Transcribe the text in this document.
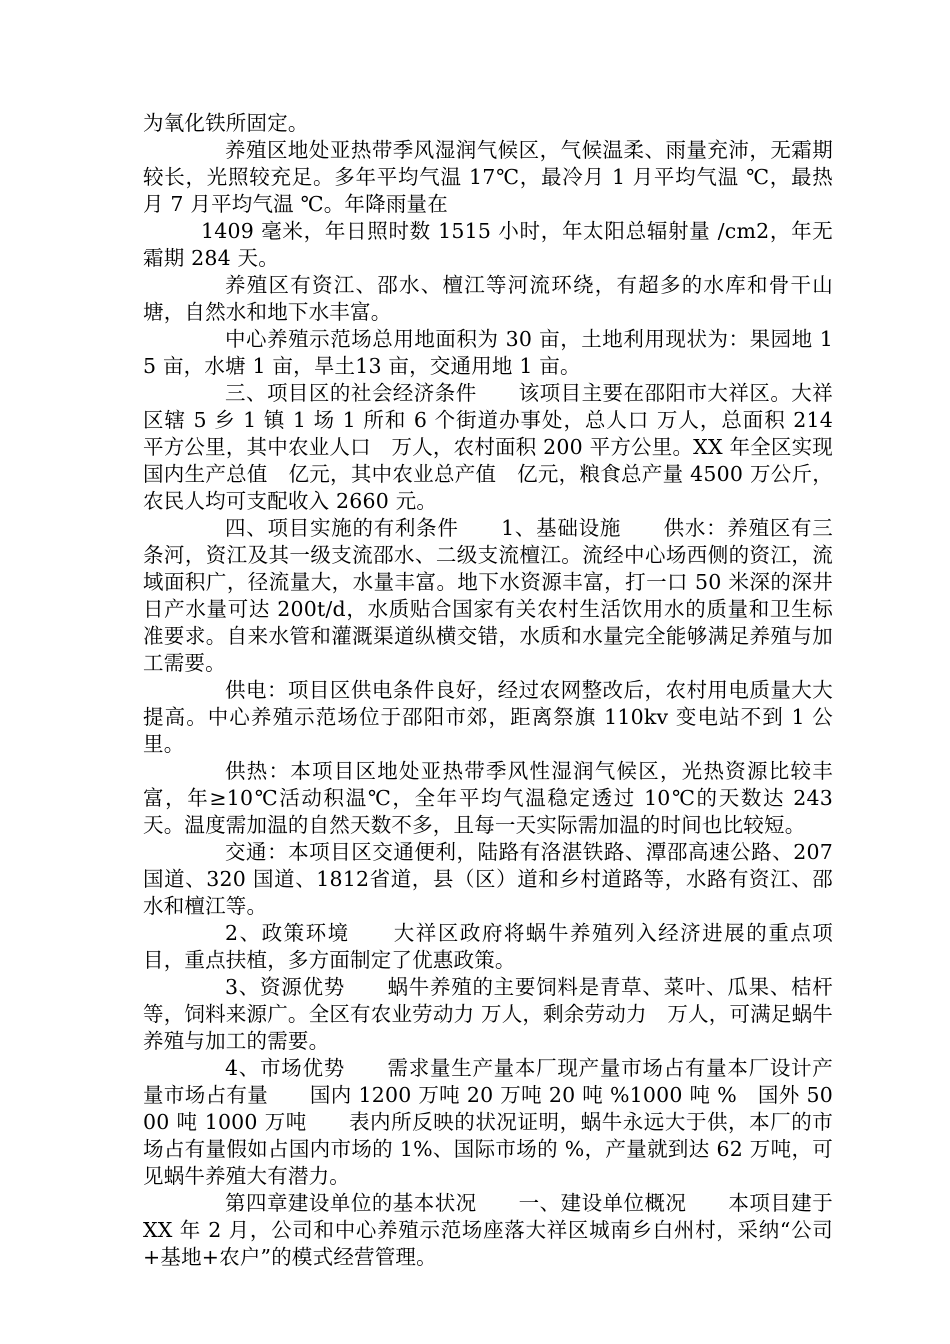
为氧化铁所固定。

养殖区地处亚热带季风湿润气候区，气候温柔、雨量充沛，无霜期较长，光照较充足。多年平均气温 17℃，最冷月 1 月平均气温 ℃，最热月 7 月平均气温 ℃。年降雨量在

1409 毫米，年日照时数 1515 小时，年太阳总辐射量 /cm2，年无霜期 284 天。

养殖区有资江、邵水、檀江等河流环绕，有超多的水库和骨干山塘，自然水和地下水丰富。

中心养殖示范场总用地面积为 30 亩，土地利用现状为：果园地 15 亩，水塘 1 亩，旱土13 亩，交通用地 1 亩。

三、项目区的社会经济条件　　该项目主要在邵阳市大祥区。大祥区辖 5 乡 1 镇 1 场 1 所和 6 个街道办事处，总人口 万人，总面积 214 平方公里，其中农业人口　万人，农村面积 200 平方公里。XX 年全区实现国内生产总值　亿元，其中农业总产值　亿元，粮食总产量 4500 万公斤，农民人均可支配收入 2660 元。

四、项目实施的有利条件　　1、基础设施　　供水：养殖区有三条河，资江及其一级支流邵水、二级支流檀江。流经中心场西侧的资江，流域面积广，径流量大，水量丰富。地下水资源丰富，打一口 50 米深的深井日产水量可达 200t/d，水质贴合国家有关农村生活饮用水的质量和卫生标准要求。自来水管和灌溉渠道纵横交错，水质和水量完全能够满足养殖与加工需要。

供电：项目区供电条件良好，经过农网整改后，农村用电质量大大提高。中心养殖示范场位于邵阳市郊，距离祭旗 110kv 变电站不到 1 公里。

供热：本项目区地处亚热带季风性湿润气候区，光热资源比较丰富，年≥10℃活动积温℃，全年平均气温稳定透过 10℃的天数达 243 天。温度需加温的自然天数不多，且每一天实际需加温的时间也比较短。

交通：本项目区交通便利，陆路有洛湛铁路、潭邵高速公路、207 国道、320 国道、1812省道，县（区）道和乡村道路等，水路有资江、邵水和檀江等。

2、政策环境　　大祥区政府将蜗牛养殖列入经济进展的重点项目，重点扶植，多方面制定了优惠政策。

3、资源优势　　蜗牛养殖的主要饲料是青草、菜叶、瓜果、桔杆等，饲料来源广。全区有农业劳动力 万人，剩余劳动力　万人，可满足蜗牛养殖与加工的需要。

4、市场优势　　需求量生产量本厂现产量市场占有量本厂设计产量市场占有量　　国内 1200 万吨 20 万吨 20 吨 %1000 吨 %　国外 5000 吨 1000 万吨　　表内所反映的状况证明，蜗牛永远大于供，本厂的市场占有量假如占国内市场的 1%、国际市场的 %，产量就到达 62 万吨，可见蜗牛养殖大有潜力。

第四章建设单位的基本状况　　一、建设单位概况　　本项目建于 XX 年 2 月，公司和中心养殖示范场座落大祥区城南乡白州村，采纳“公司+基地+农户”的模式经营管理。
